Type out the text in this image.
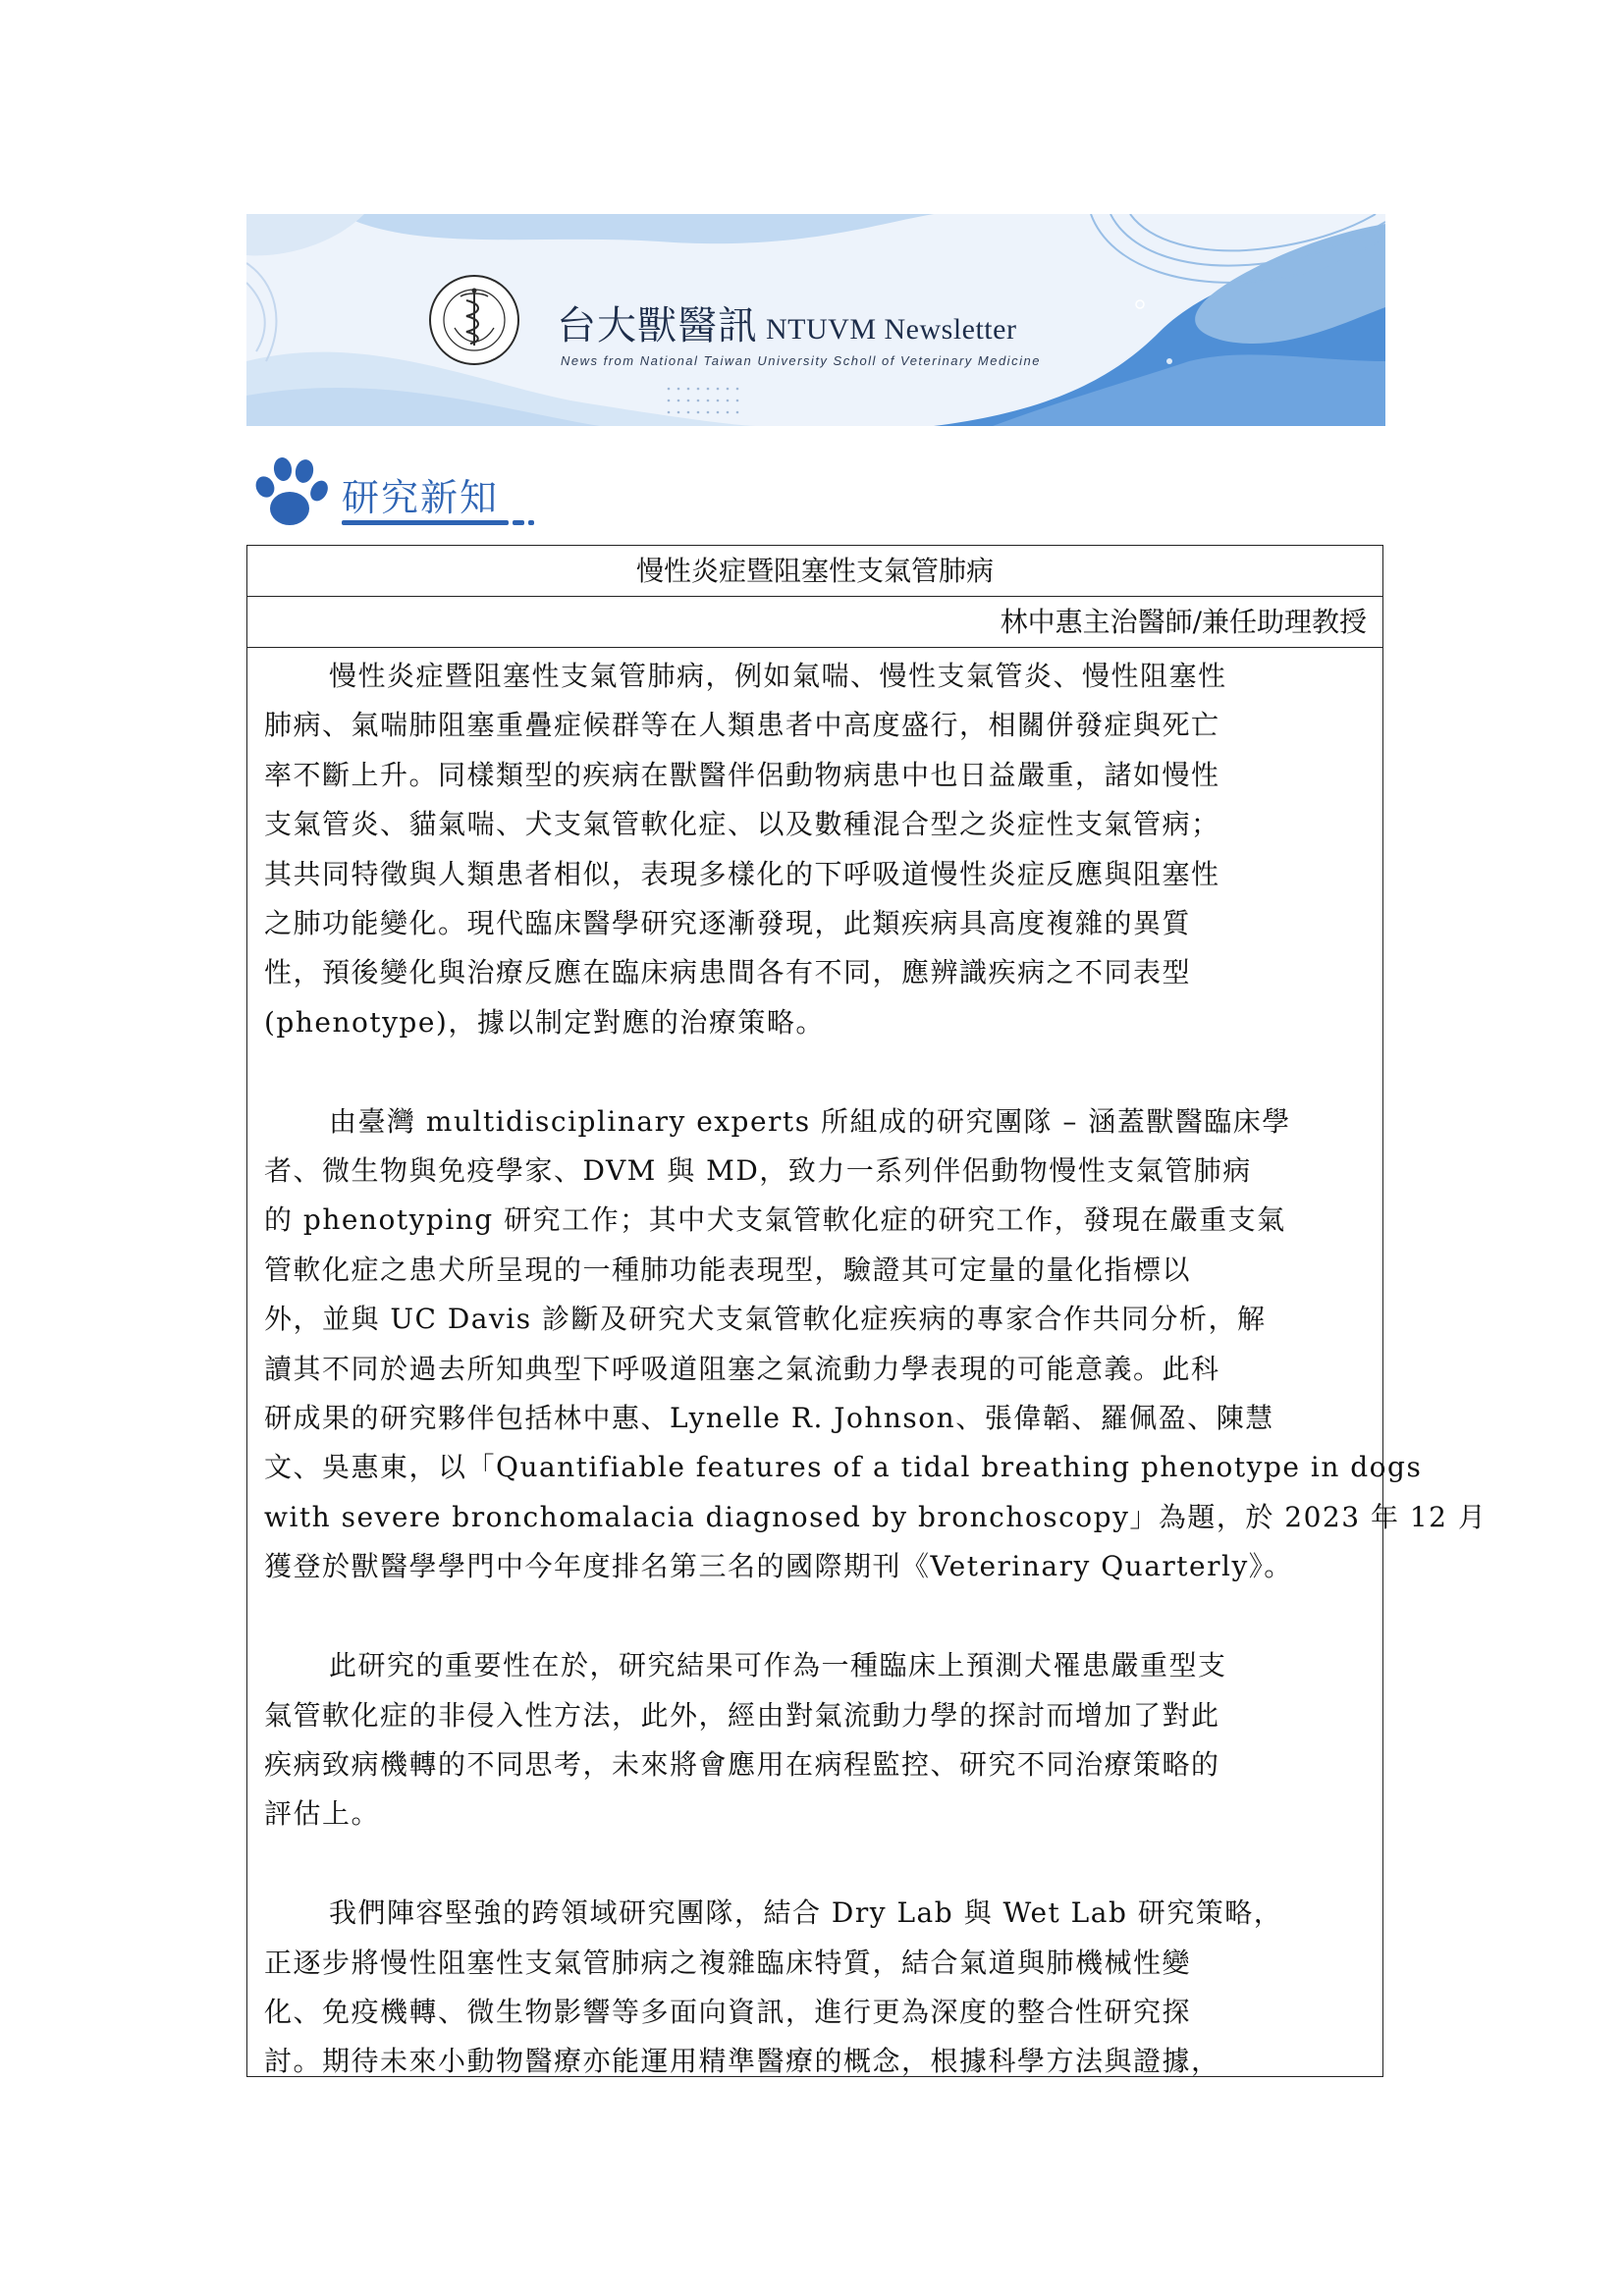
台大獸醫訊 NTUVM Newsletter
News from National Taiwan University Scholl of Veterinary Medicine
研究新知
慢性炎症暨阻塞性支氣管肺病
林中惠主治醫師/兼任助理教授

慢性炎症暨阻塞性支氣管肺病，例如氣喘、慢性支氣管炎、慢性阻塞性
肺病、氣喘肺阻塞重疊症候群等在人類患者中高度盛行，相關併發症與死亡
率不斷上升。同樣類型的疾病在獸醫伴侶動物病患中也日益嚴重，諸如慢性
支氣管炎、貓氣喘、犬支氣管軟化症、以及數種混合型之炎症性支氣管病；
其共同特徵與人類患者相似，表現多樣化的下呼吸道慢性炎症反應與阻塞性
之肺功能變化。現代臨床醫學研究逐漸發現，此類疾病具高度複雜的異質
性，預後變化與治療反應在臨床病患間各有不同，應辨識疾病之不同表型
(phenotype)，據以制定對應的治療策略。

由臺灣 multidisciplinary experts 所組成的研究團隊 – 涵蓋獸醫臨床學
者、微生物與免疫學家、DVM 與 MD，致力一系列伴侶動物慢性支氣管肺病
的 phenotyping 研究工作；其中犬支氣管軟化症的研究工作，發現在嚴重支氣
管軟化症之患犬所呈現的一種肺功能表現型，驗證其可定量的量化指標以
外，並與 UC Davis 診斷及研究犬支氣管軟化症疾病的專家合作共同分析，解
讀其不同於過去所知典型下呼吸道阻塞之氣流動力學表現的可能意義。此科
研成果的研究夥伴包括林中惠、Lynelle R. Johnson、張偉韜、羅佩盈、陳慧
文、吳惠東，以「Quantifiable features of a tidal breathing phenotype in dogs
with severe bronchomalacia diagnosed by bronchoscopy」為題，於 2023 年 12 月
獲登於獸醫學學門中今年度排名第三名的國際期刊《Veterinary Quarterly》。

此研究的重要性在於，研究結果可作為一種臨床上預測犬罹患嚴重型支
氣管軟化症的非侵入性方法，此外，經由對氣流動力學的探討而增加了對此
疾病致病機轉的不同思考，未來將會應用在病程監控、研究不同治療策略的
評估上。

我們陣容堅強的跨領域研究團隊，結合 Dry Lab 與 Wet Lab 研究策略，
正逐步將慢性阻塞性支氣管肺病之複雜臨床特質，結合氣道與肺機械性變
化、免疫機轉、微生物影響等多面向資訊，進行更為深度的整合性研究探
討。期待未來小動物醫療亦能運用精準醫療的概念，根據科學方法與證據，
